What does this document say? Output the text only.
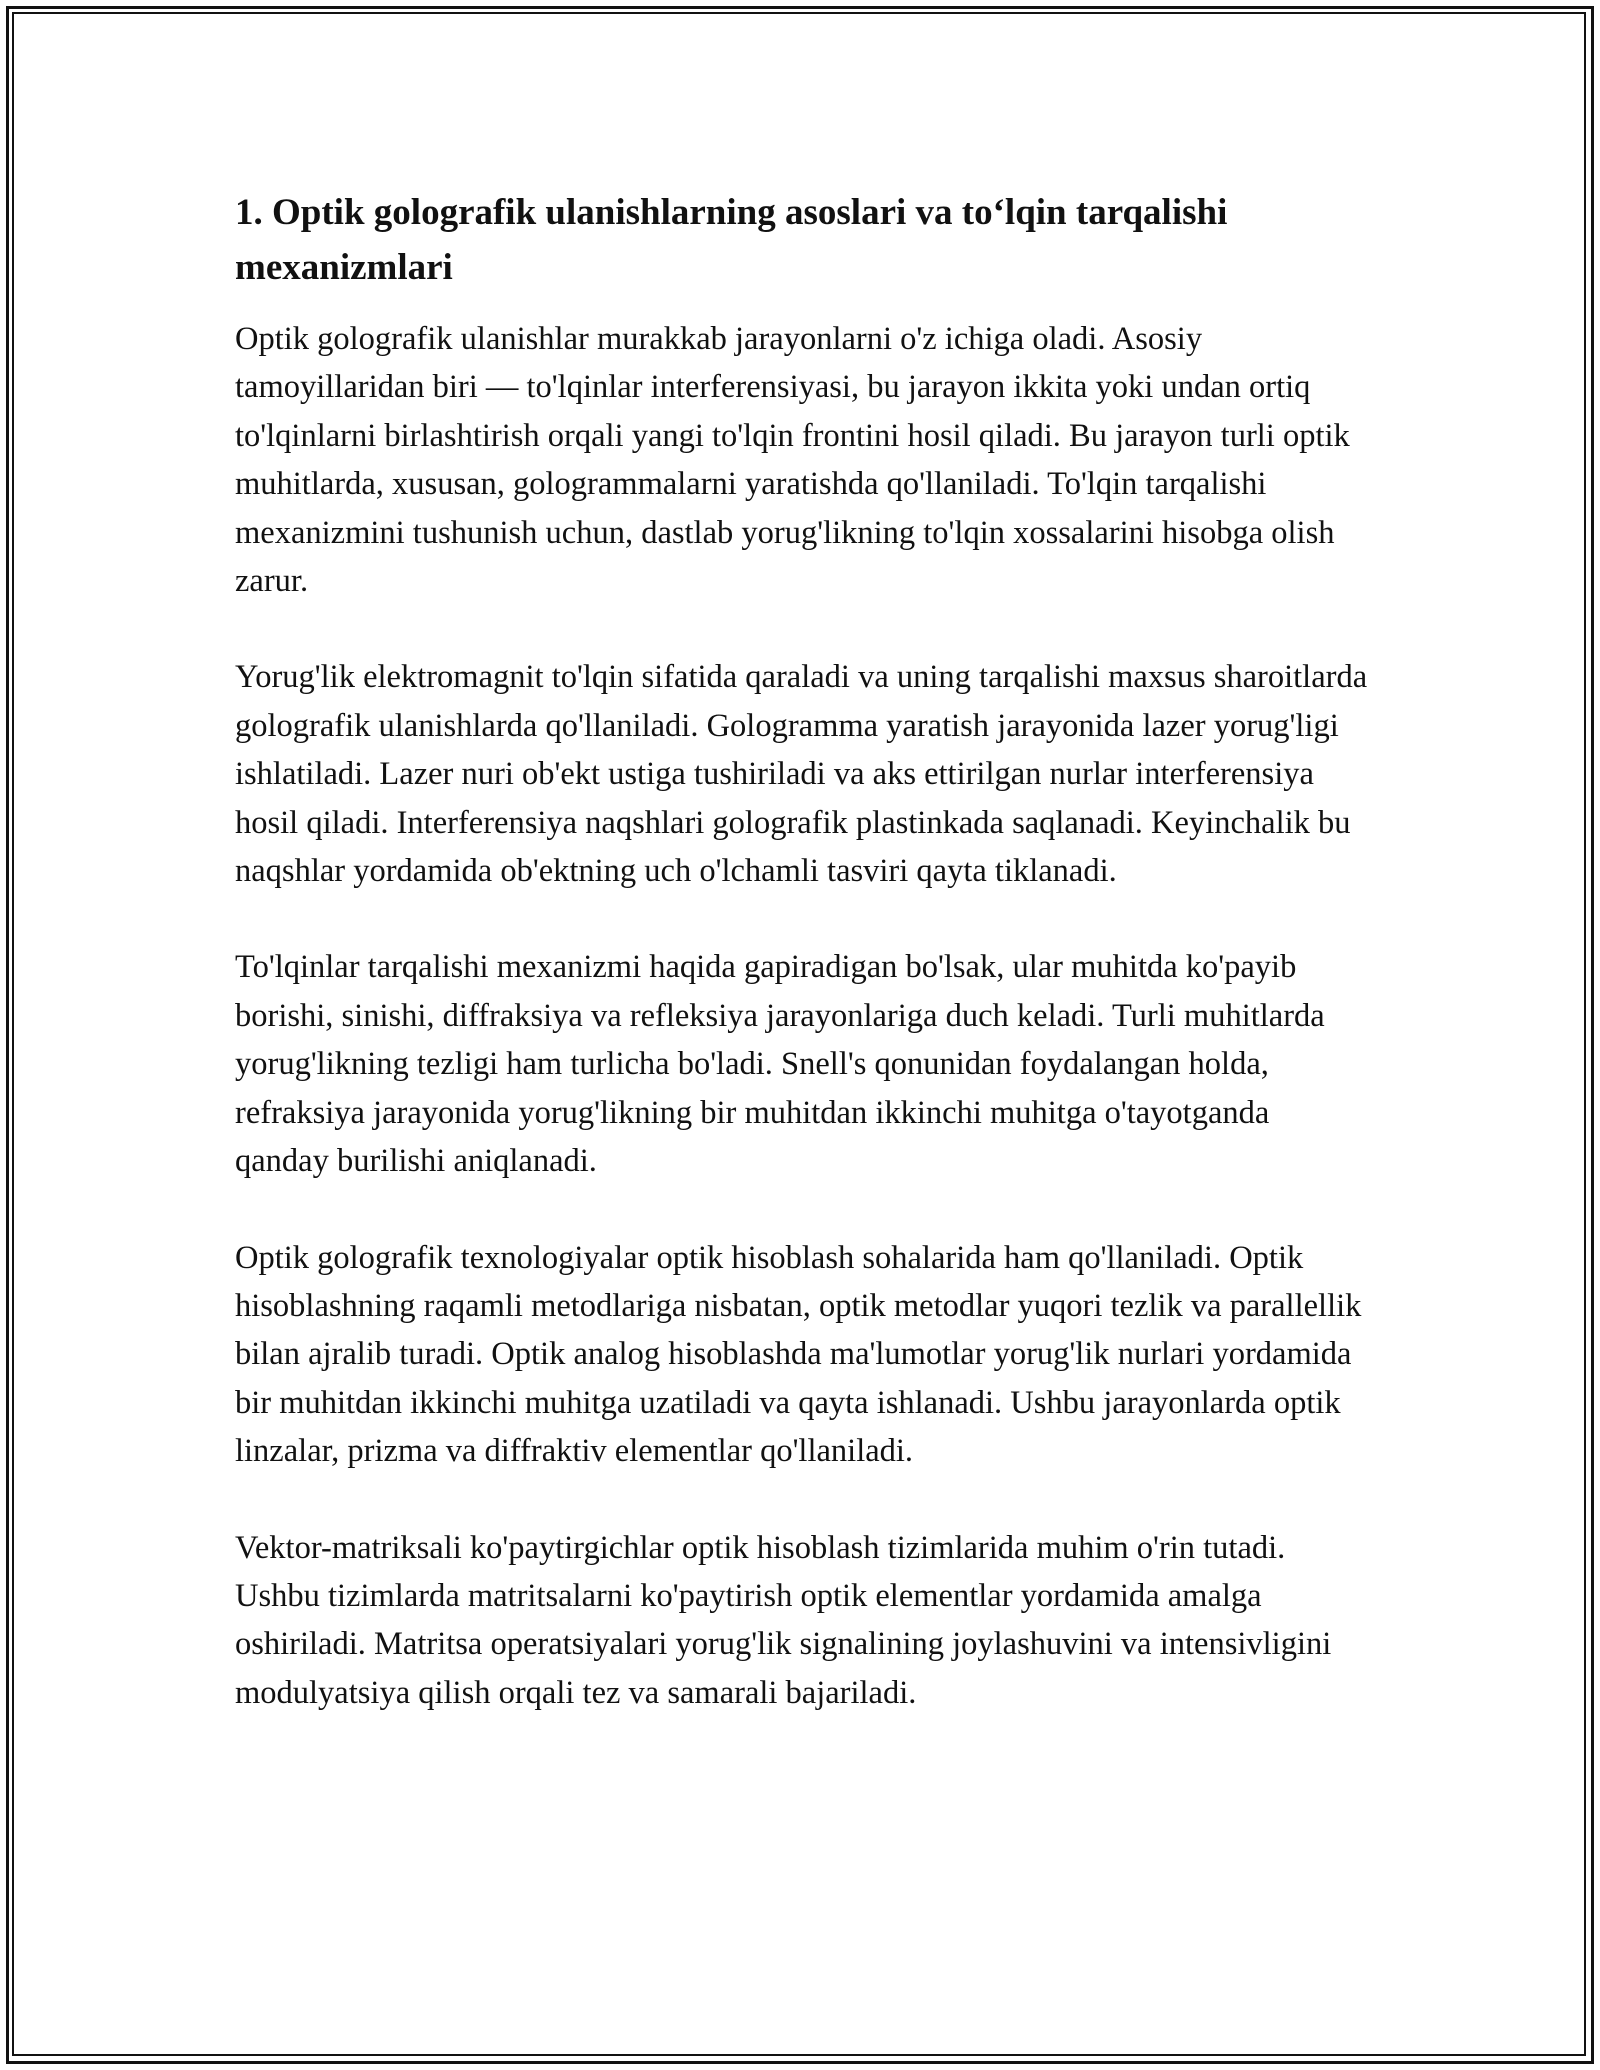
1. Optik golografik ulanishlarning asoslari va to‘lqin tarqalishi mexanizmlari

Optik golografik ulanishlar murakkab jarayonlarni o'z ichiga oladi. Asosiy tamoyillaridan biri — to'lqinlar interferensiyasi, bu jarayon ikkita yoki undan ortiq to'lqinlarni birlashtirish orqali yangi to'lqin frontini hosil qiladi. Bu jarayon turli optik muhitlarda, xususan, gologrammalarni yaratishda qo'llaniladi. To'lqin tarqalishi mexanizmini tushunish uchun, dastlab yorug'likning to'lqin xossalarini hisobga olish zarur.

Yorug'lik elektromagnit to'lqin sifatida qaraladi va uning tarqalishi maxsus sharoitlarda golografik ulanishlarda qo'llaniladi. Gologramma yaratish jarayonida lazer yorug'ligi ishlatiladi. Lazer nuri ob'ekt ustiga tushiriladi va aks ettirilgan nurlar interferensiya hosil qiladi. Interferensiya naqshlari golografik plastinkada saqlanadi. Keyinchalik bu naqshlar yordamida ob'ektning uch o'lchamli tasviri qayta tiklanadi.

To'lqinlar tarqalishi mexanizmi haqida gapiradigan bo'lsak, ular muhitda ko'payib borishi, sinishi, diffraksiya va refleksiya jarayonlariga duch keladi. Turli muhitlarda yorug'likning tezligi ham turlicha bo'ladi. Snell's qonunidan foydalangan holda, refraksiya jarayonida yorug'likning bir muhitdan ikkinchi muhitga o'tayotganda qanday burilishi aniqlanadi.

Optik golografik texnologiyalar optik hisoblash sohalarida ham qo'llaniladi. Optik hisoblashning raqamli metodlariga nisbatan, optik metodlar yuqori tezlik va parallellik bilan ajralib turadi. Optik analog hisoblashda ma'lumotlar yorug'lik nurlari yordamida bir muhitdan ikkinchi muhitga uzatiladi va qayta ishlanadi. Ushbu jarayonlarda optik linzalar, prizma va diffraktiv elementlar qo'llaniladi.

Vektor-matriksali ko'paytirgichlar optik hisoblash tizimlarida muhim o'rin tutadi. Ushbu tizimlarda matritsalarni ko'paytirish optik elementlar yordamida amalga oshiriladi. Matritsa operatsiyalari yorug'lik signalining joylashuvini va intensivligini modulyatsiya qilish orqali tez va samarali bajariladi.
